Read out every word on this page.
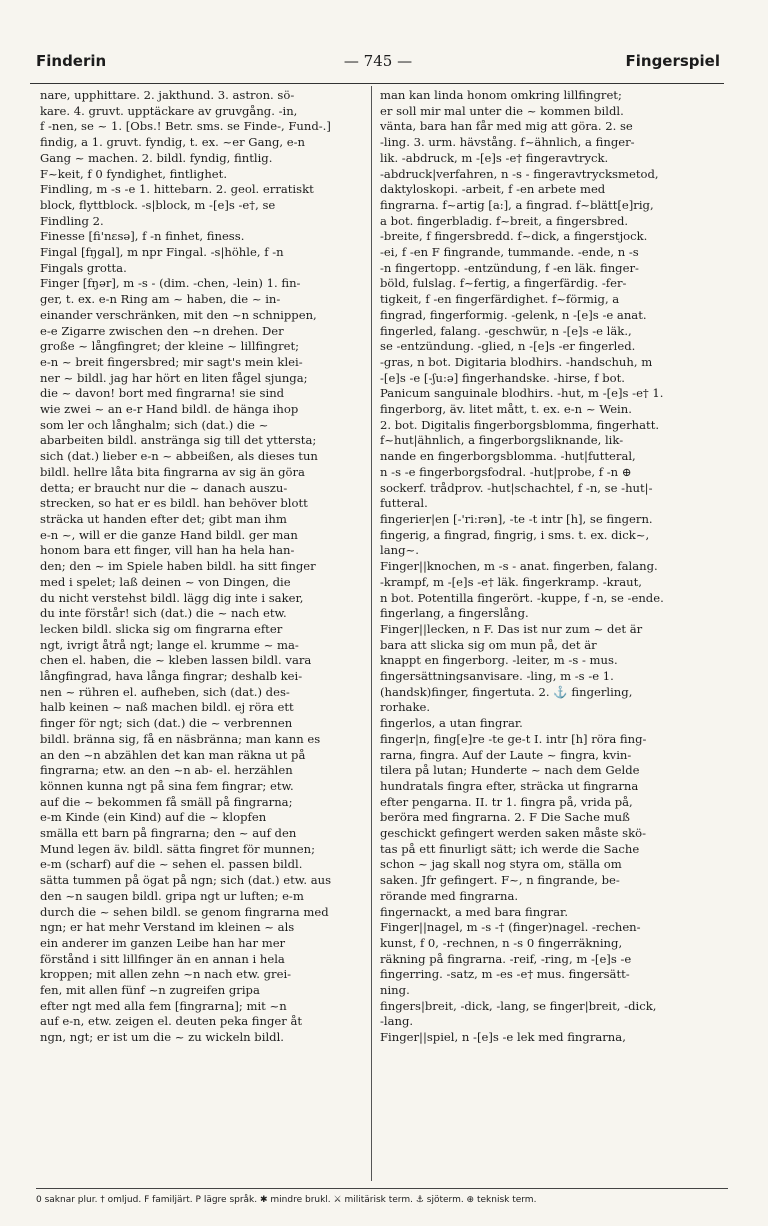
Finderin	— 745 —	Fingerspiel
nare, upphittare. 2. jakthund. 3. astron. sö-
kare. 4. gruvt. upptäckare av gruvgång. -in,
f -nen, se ~ 1. [Obs.! Betr. sms. se Finde-, Fund-.]
findig, a 1. gruvt. fyndig, t. ex. ~er Gang, e-n
Gang ~ machen. 2. bildl. fyndig, fintlig.
F~keit, f 0 fyndighet, fintlighet.
Findling, m -s -e 1. hittebarn. 2. geol. erratiskt
block, flyttblock. -s|block, m -[e]s -e†, se
Findling 2.
Finesse [fi'nεsə], f -n finhet, finess.
Fingal [fŋgal], m npr Fingal. -s|höhle, f -n
Fingals grotta.
Finger [fŋər], m -s - (dim. -chen, -lein) 1. fin-
ger, t. ex. e-n Ring am ~ haben, die ~ in-
einander verschränken, mit den ~n schnippen,
e-e Zigarre zwischen den ~n drehen. Der
große ~ långfingret; der kleine ~ lillfingret;
e-n ~ breit fingersbred; mir sagt's mein klei-
ner ~ bildl. jag har hört en liten fågel sjunga;
die ~ davon! bort med fingrarna! sie sind
wie zwei ~ an e-r Hand bildl. de hänga ihop
som ler och långhalm; sich (dat.) die ~
abarbeiten bildl. anstränga sig till det yttersta;
sich (dat.) lieber e-n ~ abbeißen, als dieses tun
bildl. hellre låta bita fingrarna av sig än göra
detta; er braucht nur die ~ danach auszu-
strecken, so hat er es bildl. han behöver blott
sträcka ut handen efter det; gibt man ihm
e-n ~, will er die ganze Hand bildl. ger man
honom bara ett finger, vill han ha hela han-
den; den ~ im Spiele haben bildl. ha sitt finger
med i spelet; laß deinen ~ von Dingen, die
du nicht verstehst bildl. lägg dig inte i saker,
du inte förstår! sich (dat.) die ~ nach etw.
lecken bildl. slicka sig om fingrarna efter
ngt, ivrigt åtrå ngt; lange el. krumme ~ ma-
chen el. haben, die ~ kleben lassen bildl. vara
långfingrad, hava långa fingrar; deshalb kei-
nen ~ rühren el. aufheben, sich (dat.) des-
halb keinen ~ naß machen bildl. ej röra ett
finger för ngt; sich (dat.) die ~ verbrennen
bildl. bränna sig, få en näsbränna; man kann es
an den ~n abzählen det kan man räkna ut på
fingrarna; etw. an den ~n ab- el. herzählen
können kunna ngt på sina fem fingrar; etw.
auf die ~ bekommen få smäll på fingrarna;
e-m Kinde (ein Kind) auf die ~ klopfen
smälla ett barn på fingrarna; den ~ auf den
Mund legen äv. bildl. sätta fingret för munnen;
e-m (scharf) auf die ~ sehen el. passen bildl.
sätta tummen på ögat på ngn; sich (dat.) etw. aus
den ~n saugen bildl. gripa ngt ur luften; e-m
durch die ~ sehen bildl. se genom fingrarna med
ngn; er hat mehr Verstand im kleinen ~ als
ein anderer im ganzen Leibe han har mer
förstånd i sitt lillfinger än en annan i hela
kroppen; mit allen zehn ~n nach etw. grei-
fen, mit allen fünf ~n zugreifen gripa
efter ngt med alla fem [fingrarna]; mit ~n
auf e-n, etw. zeigen el. deuten peka finger åt
ngn, ngt; er ist um die ~ zu wickeln bildl.
man kan linda honom omkring lillfingret;
er soll mir mal unter die ~ kommen bildl.
vänta, bara han får med mig att göra. 2. se
-ling. 3. urm. hävstång. f~ähnlich, a finger-
lik. -abdruck, m -[e]s -e† fingeravtryck.
-abdruck|verfahren, n -s - fingeravtrycksmetod,
daktyloskopi. -arbeit, f -en arbete med
fingrarna. f~artig [a:], a fingrad. f~blätt[e]rig,
a bot. fingerbladig. f~breit, a fingersbred.
-breite, f fingersbredd. f~dick, a fingerstjock.
-ei, f -en F fingrande, tummande. -ende, n -s
-n fingertopp. -entzündung, f -en läk. finger-
böld, fulslag. f~fertig, a fingerfärdig. -fer-
tigkeit, f -en fingerfärdighet. f~förmig, a
fingrad, fingerformig. -gelenk, n -[e]s -e anat.
fingerled, falang. -geschwür, n -[e]s -e läk.,
se -entzündung. -glied, n -[e]s -er fingerled.
-gras, n bot. Digitaria blodhirs. -handschuh, m
-[e]s -e [-ʃu:ə] fingerhandske. -hirse, f bot.
Panicum sanguinale blodhirs. -hut, m -[e]s -e† 1.
fingerborg, äv. litet mått, t. ex. e-n ~ Wein.
2. bot. Digitalis fingerborgsblomma, fingerhatt.
f~hut|ähnlich, a fingerborgsliknande, lik-
nande en fingerborgsblomma. -hut|futteral,
n -s -e fingerborgsfodral. -hut|probe, f -n ⊕
sockerf. trådprov. -hut|schachtel, f -n, se -hut|-
futteral.
fingerier|en [-'ri:rən], -te -t intr [h], se fingern.
fingerig, a fingrad, fingrig, i sms. t. ex. dick~,
lang~.
Finger||knochen, m -s - anat. fingerben, falang.
-krampf, m -[e]s -e† läk. fingerkramp. -kraut,
n bot. Potentilla fingerört. -kuppe, f -n, se -ende.
fingerlang, a fingerslång.
Finger||lecken, n F. Das ist nur zum ~ det är
bara att slicka sig om mun på, det är
knappt en fingerborg. -leiter, m -s - mus.
fingersättningsanvisare. -ling, m -s -e 1.
(handsk)finger, fingertuta. 2. ⚓ fingerling,
rorhake.
fingerlos, a utan fingrar.
finger|n, fing[e]re -te ge-t I. intr [h] röra fing-
rarna, fingra. Auf der Laute ~ fingra, kvin-
tilera på lutan; Hunderte ~ nach dem Gelde
hundratals fingra efter, sträcka ut fingrarna
efter pengarna. II. tr 1. fingra på, vrida på,
beröra med fingrarna. 2. F Die Sache muß
geschickt gefingert werden saken måste skö-
tas på ett finurligt sätt; ich werde die Sache
schon ~ jag skall nog styra om, ställa om
saken. Jfr gefingert. F~, n fingrande, be-
rörande med fingrarna.
fingernackt, a med bara fingrar.
Finger||nagel, m -s -† (finger)nagel. -rechen-
kunst, f 0, -rechnen, n -s 0 fingerräkning,
räkning på fingrarna. -reif, -ring, m -[e]s -e
fingerring. -satz, m -es -e† mus. fingersätt-
ning.
fingers|breit, -dick, -lang, se finger|breit, -dick,
-lang.
Finger||spiel, n -[e]s -e lek med fingrarna,
0 saknar plur. † omljud. F familjärt. P lägre språk. ✱ mindre brukl. ⚔ militärisk term. ⚓ sjöterm. ⊕ teknisk term.
